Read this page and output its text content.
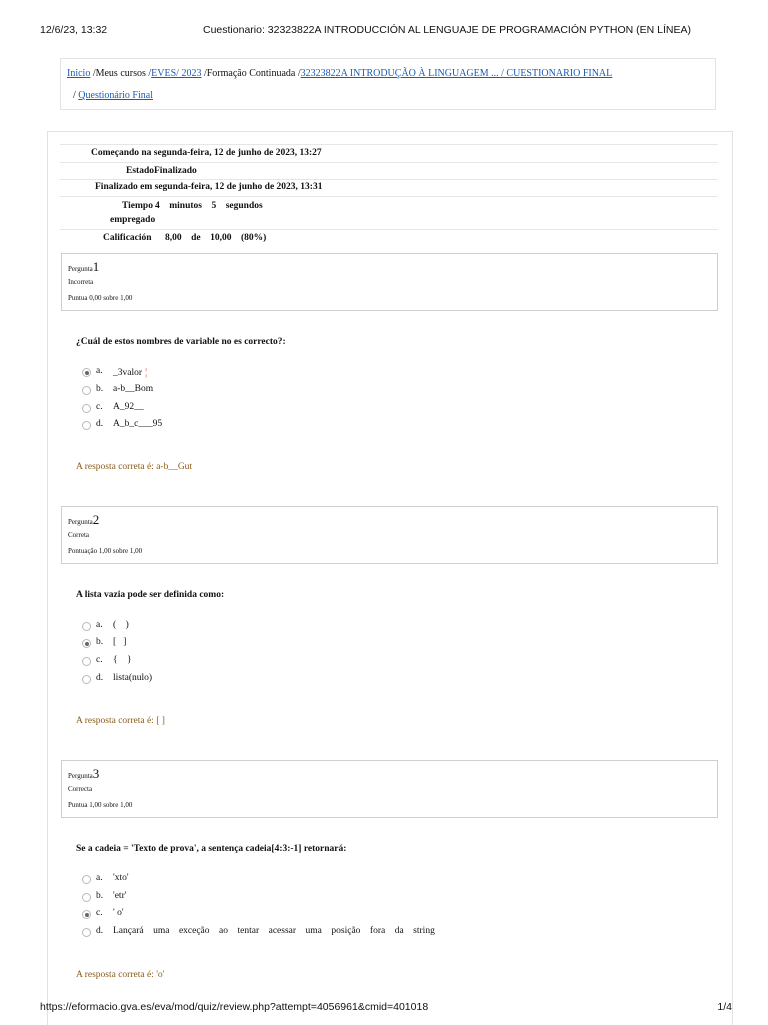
12/6/23, 13:32	Cuestionario: 32323822A INTRODUCCIÓN AL LENGUAJE DE PROGRAMACIÓN PYTHON (EN LÍNEA)
Inicio /Meus cursos /EVES/ 2023 /Formação Continuada /32323822A INTRODUÇÃO À LINGUAGEM ... / CUESTIONARIO FINAL
/ Questionário Final
Começando na segunda-feira, 12 de junho de 2023, 13:27
EstadoFinalizado
Finalizado em segunda-feira, 12 de junho de 2023, 13:31
Tiempo 4    minutos    5    segundos
empregado
Calificación 8,00    de    10,00    (80%)
Pergunta1
Incorreta
Puntua 0,00 sobre 1,00
¿Cuál de estos nombres de variable no es correcto?:
a. _3valor ¦
b. a-b__Bom
c. A_92__
d. A_b_c___95
A resposta correta é: a-b__Gut
Pergunta2
Correta
Pontuação 1,00 sobre 1,00
A lista vazia pode ser definida como:
a. (    )
b. [   ]
c. {    }
d. lista(nulo)
A resposta correta é: [ ]
Pergunta3
Correcta
Puntua 1,00 sobre 1,00
Se a cadeia = 'Texto de prova', a sentença cadeia[4:3:-1] retornará:
a. 'xto'
b. 'etr'
c. ' o'
d. Lançará    uma    exceção    ao    tentar    acessar    uma    posição    fora    da    string
A resposta correta é: 'o'
https://eformacio.gva.es/eva/mod/quiz/review.php?attempt=4056961&cmid=401018	1/4
